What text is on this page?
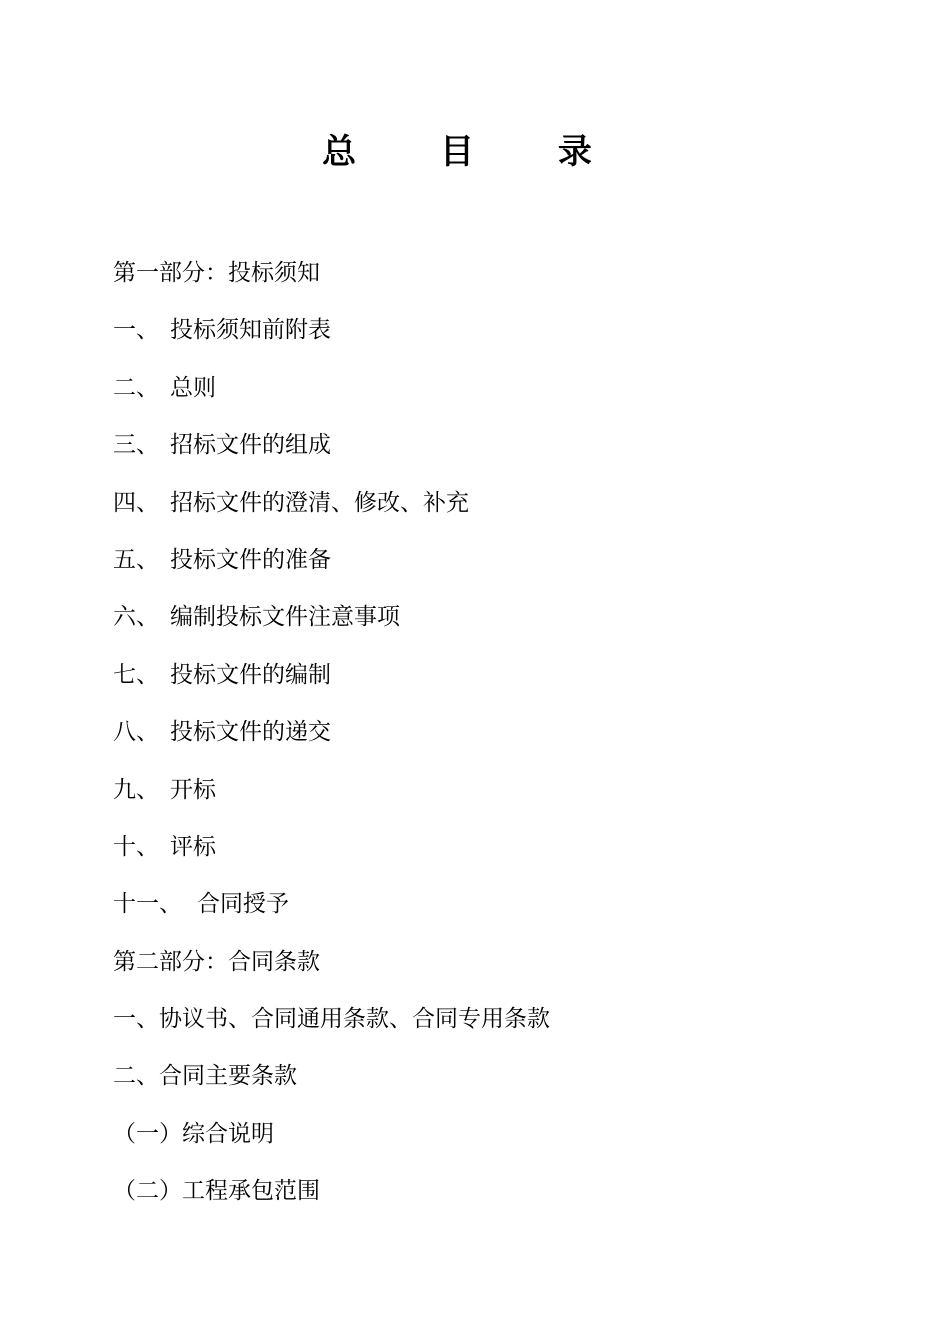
总 目 录
第一部分：投标须知
一、 投标须知前附表
二、 总则
三、 招标文件的组成
四、 招标文件的澄清、修改、补充
五、 投标文件的准备
六、 编制投标文件注意事项
七、 投标文件的编制
八、 投标文件的递交
九、 开标
十、 评标
十一、 合同授予
第二部分：合同条款
一、协议书、合同通用条款、合同专用条款
二、合同主要条款
（一）综合说明
（二）工程承包范围
